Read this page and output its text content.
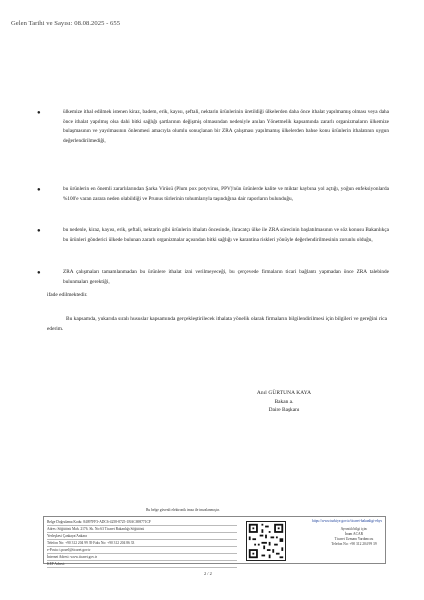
Gelen Tarihi ve Sayısı: 08.08.2025 - 655
●	ülkemize ithal edilmek istenen kiraz, badem, erik, kayısı, şeftali, nektarin ürünlerinin üretildiği ülkelerden daha önce ithalat yapılmamış olması veya daha önce ithalat yapılmış olsa dahi bitki sağlığı şartlarının değişmiş olmasından nedeniyle anılan Yönetmelik kapsamında zararlı organizmaların ülkemize bulaşmasının ve yayılmasının önlenmesi amacıyla olumlu sonuçlanan bir ZRA çalışması yapılmamış ülkelerden bahse konu ürünlerin ithalatının uygun değerlendirilmediği,
●	bu ürünlerin en önemli zararlılarından Şarka Virüsü (Plum pox potyvirus, PPV)'nün ürünlerde kalite ve miktar kaybına yol açtığı, yoğun enfeksiyonlarda %100'e varan zarara neden olabildiği ve Prunus türlerinin tohumlarıyla taşındığına dair raporların bulunduğu,
●	bu nedenle, kiraz, kayısı, erik, şeftali, nektarin gibi ürünlerin ithalatı öncesinde, ihracatçı ülke ile ZRA sürecinin başlatılmasının ve söz konusu Bakanlıkça bu ürünleri gönderici ülkede bulunan zararlı organizmalar açısından bitki sağlığı ve karantina riskleri yönüyle değerlendirilmesinin zorunlu olduğu,
●	ZRA çalışmaları tamamlanmadan bu ürünlere ithalat izni verilmeyeceği, bu çerçevede firmaların ticari bağlantı yapmadan önce ZRA talebinde bulunmaları gerektiği,
ifade edilmektedir.
Bu kapsamda, yukarıda sıralı hususlar kapsamında gerçekleştirilecek ithalata yönelik olarak firmaların bilgilendirilmesi için bilgileri ve gereğini rica ederim.
Anıl GÜRTUNA KAYA
Bakan a.
Daire Başkanı
Bu belge güvenli elektronik imza ile imzalanmıştır.
Belge Doğrulama Kodu: 84097FF3-ADC6-4258-8725-1BAC698771CF
Adres: Söğütözü Mah. 2176. Sk. No:63 Ticaret Bakanlığı Söğütözü
Yerleşkesi Çankaya/Ankara
Telefon No: +90 312 204 99 39 Faks No: +90 312 204 86 33
e-Posta: t.pozel@ticaret.gov.tr
İnternet Adresi: www.ticaret.gov.tr
KEP Adresi:
https://www.turkiye.gov.tr/ticaret-bakanligi-ebys
Ayrıntılı bilgi için:
İnam ACAR
Ticaret Uzmanı Yardımcısı
Telefon No: +90 312 204 99 39
2 / 2
